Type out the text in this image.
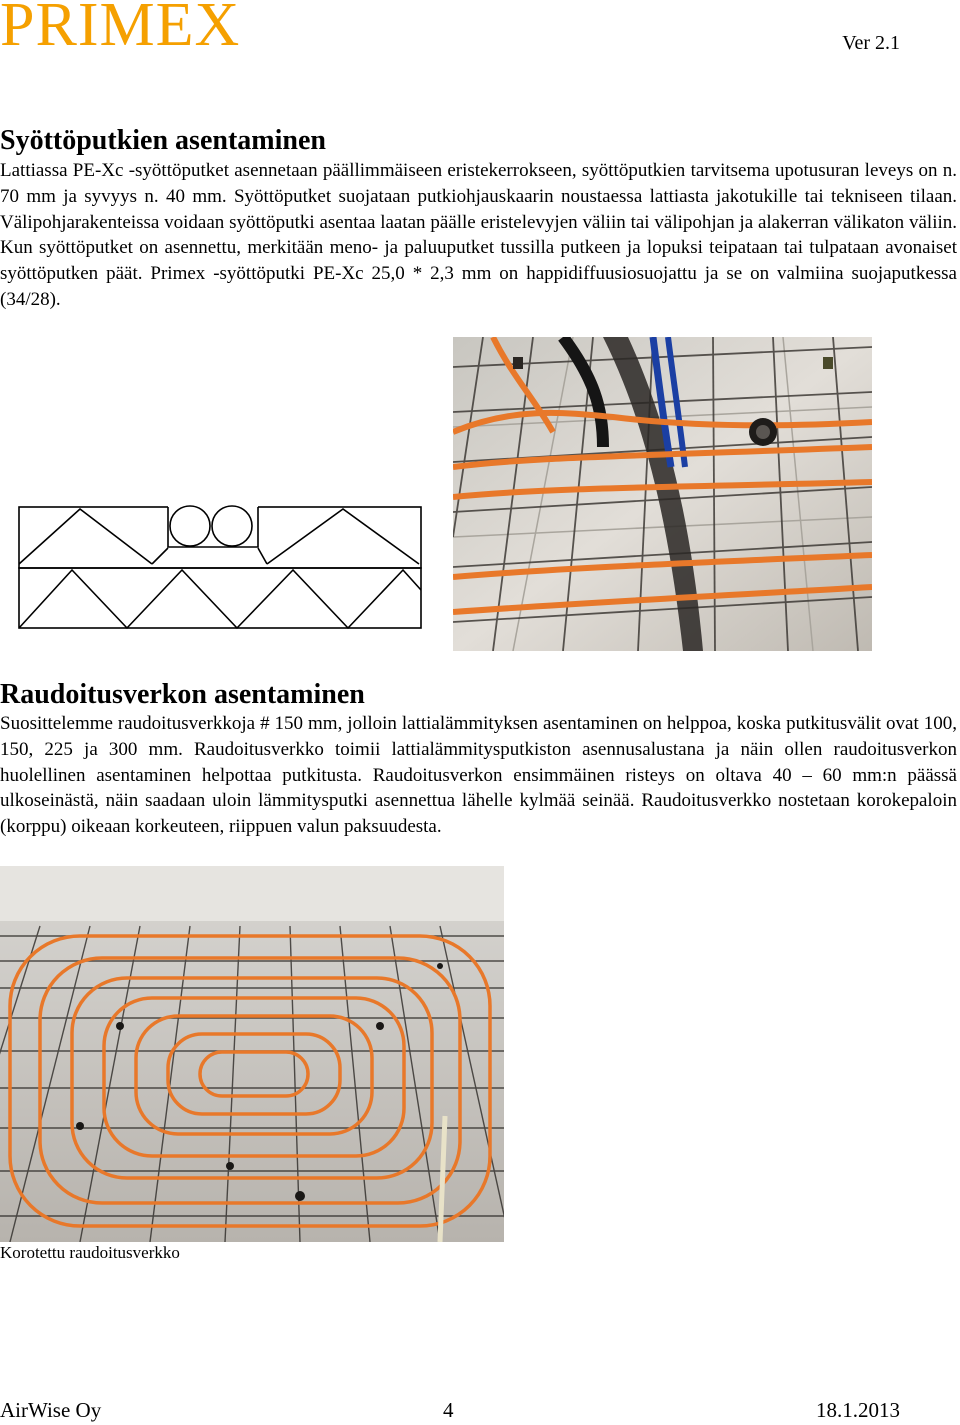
PRIMEX	Ver 2.1
Syöttöputkien asentaminen

Lattiassa PE-Xc -syöttöputket asennetaan päällimmäiseen eristekerrokseen, syöttöputkien tarvitsema upotusuran leveys on n. 70 mm ja syvyys n. 40 mm. Syöttöputket suojataan putkiohjauskaarin noustaessa lattiasta jakotukille tai tekniseen tilaan. Välipohjarakenteissa voidaan syöttöputki asentaa laatan päälle eristelevyjen väliin tai välipohjan ja alakerran välikaton väliin. Kun syöttöputket on asennettu, merkitään meno- ja paluuputket tussilla putkeen ja lopuksi teipataan tai tulpataan avonaiset syöttöputken päät. Primex -syöttöputki PE-Xc 25,0 * 2,3 mm on happidiffuusiosuojattu ja se on valmiina suojaputkessa (34/28).

Raudoitusverkon asentaminen

Suosittelemme raudoitusverkkoja # 150 mm, jolloin lattialämmityksen asentaminen on helppoa, koska putkitusvälit ovat 100, 150, 225 ja 300 mm. Raudoitusverkko toimii lattialämmitysputkiston asennusalustana ja näin ollen raudoitusverkon huolellinen asentaminen helpottaa putkitusta. Raudoitusverkon ensimmäinen risteys on oltava 40 – 60 mm:n päässä ulkoseinästä, näin saadaan uloin lämmitysputki asennettua lähelle kylmää seinää. Raudoitusverkko nostetaan korokepaloin (korppu) oikeaan korkeuteen, riippuen valun paksuudesta.

Korotettu raudoitusverkko
AirWise Oy	4	18.1.2013
